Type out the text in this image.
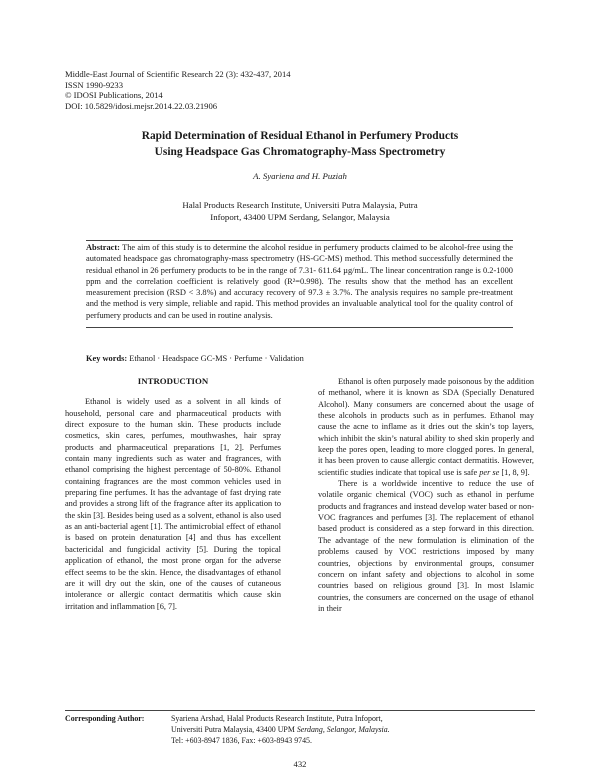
Middle-East Journal of Scientific Research 22 (3): 432-437, 2014
ISSN 1990-9233
© IDOSI Publications, 2014
DOI: 10.5829/idosi.mejsr.2014.22.03.21906
Rapid Determination of Residual Ethanol in Perfumery Products
Using Headspace Gas Chromatography-Mass Spectrometry
A. Syariena and H. Puziah
Halal Products Research Institute, Universiti Putra Malaysia, Putra
Infoport, 43400 UPM Serdang, Selangor, Malaysia
Abstract: The aim of this study is to determine the alcohol residue in perfumery products claimed to be alcohol-free using the automated headspace gas chromatography-mass spectrometry (HS-GC-MS) method. This method successfully determined the residual ethanol in 26 perfumery products to be in the range of 7.31- 611.64 µg/mL. The linear concentration range is 0.2-1000 ppm and the correlation coefficient is relatively good (R²=0.998). The results show that the method has an excellent measurement precision (RSD < 3.8%) and accuracy recovery of 97.3 ± 3.7%. The analysis requires no sample pre-treatment and the method is very simple, reliable and rapid. This method provides an invaluable analytical tool for the quality control of perfumery products and can be used in routine analysis.
Key words: Ethanol · Headspace GC-MS · Perfume · Validation
INTRODUCTION

Ethanol is widely used as a solvent in all kinds of household, personal care and pharmaceutical products with direct exposure to the human skin. These products include cosmetics, skin cares, perfumes, mouthwashes, hair spray products and pharmaceutical preparations [1, 2]. Perfumes contain many ingredients such as water and fragrances, with ethanol comprising the highest percentage of 50-80%. Ethanol containing fragrances are the most common vehicles used in preparing fine perfumes. It has the advantage of fast drying rate and provides a strong lift of the fragrance after its application to the skin [3]. Besides being used as a solvent, ethanol is also used as an anti-bacterial agent [1]. The antimicrobial effect of ethanol is based on protein denaturation [4] and thus has excellent bactericidal and fungicidal activity [5]. During the topical application of ethanol, the most prone organ for the adverse effect seems to be the skin. Hence, the disadvantages of ethanol are it will dry out the skin, one of the causes of cutaneous intolerance or allergic contact dermatitis which cause skin irritation and inflammation [6, 7].

Ethanol is often purposely made poisonous by the addition of methanol, where it is known as SDA (Specially Denatured Alcohol). Many consumers are concerned about the usage of these alcohols in products such as in perfumes. Ethanol may cause the acne to inflame as it dries out the skin’s top layers, which inhibit the skin’s natural ability to shed skin properly and keep the pores open, leading to more clogged pores. In general, it has been proven to cause allergic contact dermatitis. However, scientific studies indicate that topical use is safe per se [1, 8, 9].

There is a worldwide incentive to reduce the use of volatile organic chemical (VOC) such as ethanol in perfume products and fragrances and instead develop water based or non-VOC fragrances and perfumes [3]. The replacement of ethanol based product is considered as a step forward in this direction. The advantage of the new formulation is elimination of the problems caused by VOC restrictions imposed by many countries, objections by environmental groups, consumer concern on infant safety and objections to alcohol in some countries based on religious ground [3]. In most Islamic countries, the consumers are concerned on the usage of ethanol in their

Corresponding Author:	Syariena Arshad, Halal Products Research Institute, Putra Infoport,
Universiti Putra Malaysia, 43400 UPM Serdang, Selangor, Malaysia.
Tel: +603-8947 1836, Fax: +603-8943 9745.
432
